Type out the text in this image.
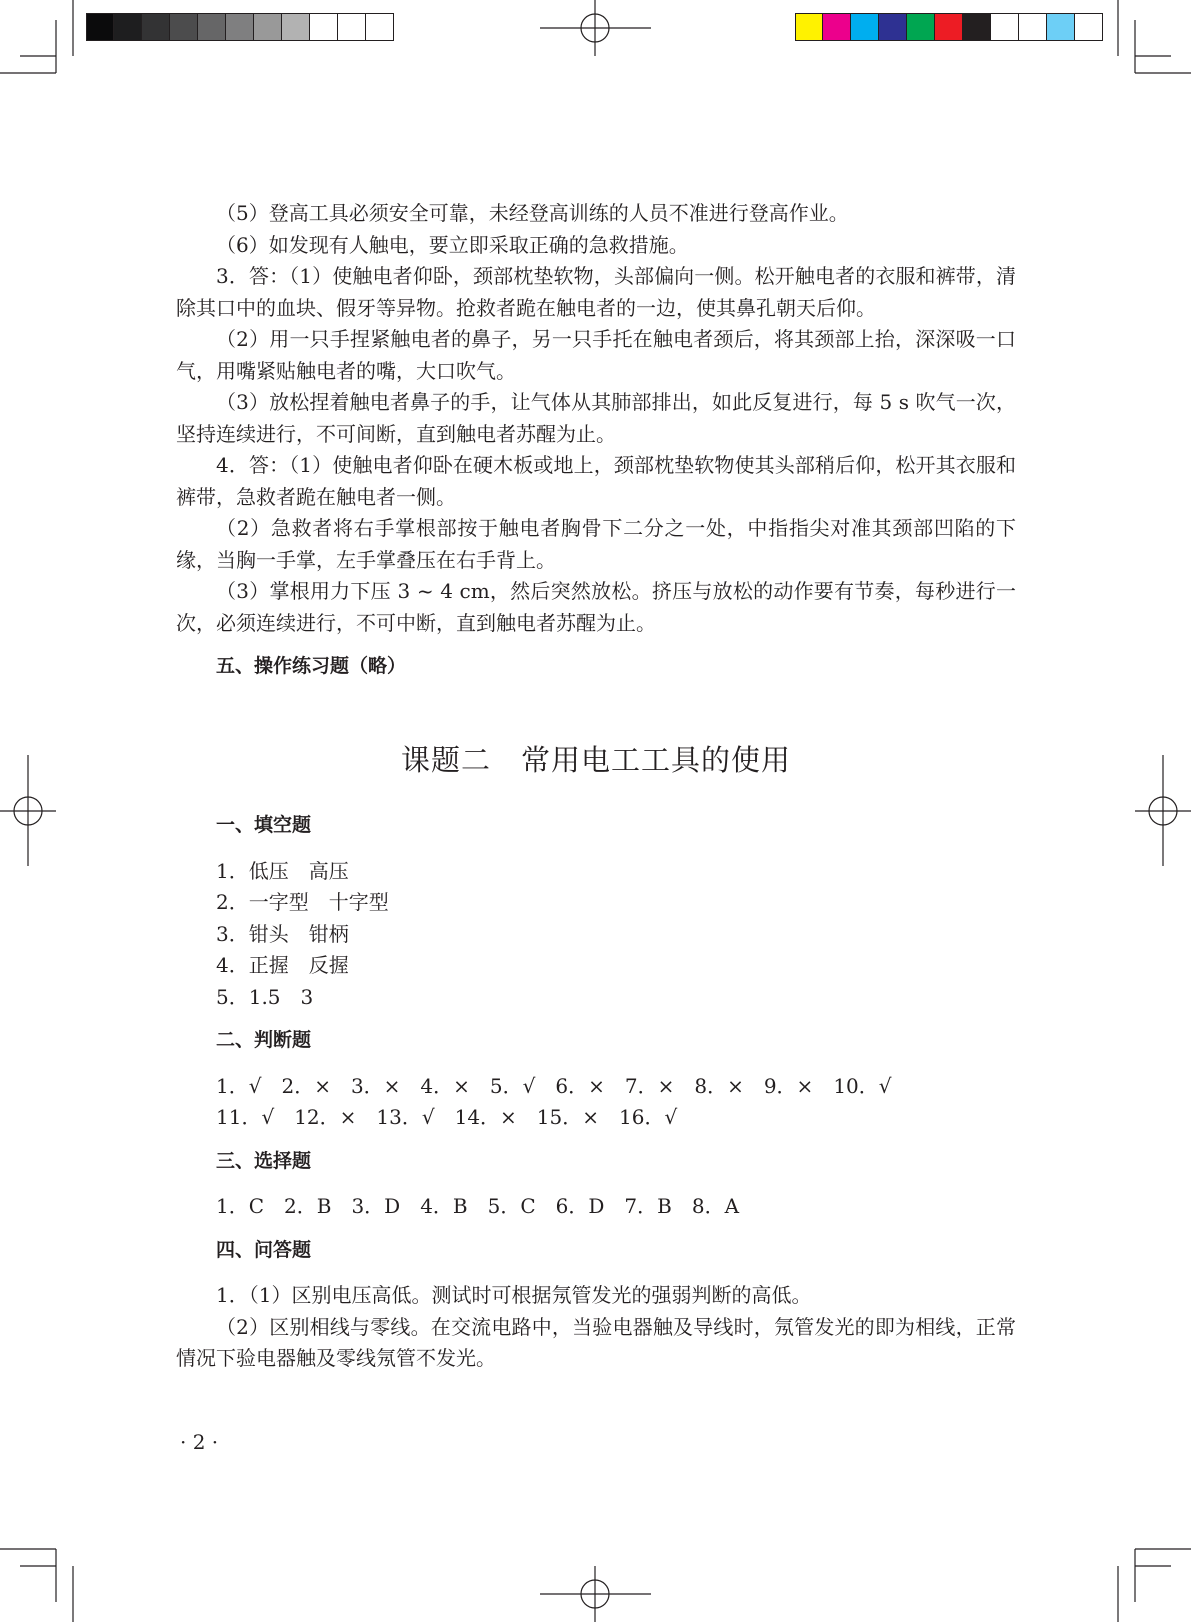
（5）登高工具必须安全可靠，未经登高训练的人员不准进行登高作业。

（6）如发现有人触电，要立即采取正确的急救措施。

3．答：（1）使触电者仰卧，颈部枕垫软物，头部偏向一侧。松开触电者的衣服和裤带，清除其口中的血块、假牙等异物。抢救者跪在触电者的一边，使其鼻孔朝天后仰。

（2）用一只手捏紧触电者的鼻子，另一只手托在触电者颈后，将其颈部上抬，深深吸一口气，用嘴紧贴触电者的嘴，大口吹气。

（3）放松捏着触电者鼻子的手，让气体从其肺部排出，如此反复进行，每 5 s 吹气一次，坚持连续进行，不可间断，直到触电者苏醒为止。

4．答：（1）使触电者仰卧在硬木板或地上，颈部枕垫软物使其头部稍后仰，松开其衣服和裤带，急救者跪在触电者一侧。

（2）急救者将右手掌根部按于触电者胸骨下二分之一处，中指指尖对准其颈部凹陷的下缘，当胸一手掌，左手掌叠压在右手背上。

（3）掌根用力下压 3 ~ 4 cm，然后突然放松。挤压与放松的动作要有节奏，每秒进行一次，必须连续进行，不可中断，直到触电者苏醒为止。

五、操作练习题（略）

课题二　常用电工工具的使用

一、填空题

1．低压　高压

2．一字型　十字型

3．钳头　钳柄

4．正握　反握

5．1.5　3

二、判断题

1．√　2．×　3．×　4．×　5．√　6．×　7．×　8．×　9．×　10．√

11．√　12．×　13．√　14．×　15．×　16．√

三、选择题

1．C　2．B　3．D　4．B　5．C　6．D　7．B　8．A

四、问答题

1．（1）区别电压高低。测试时可根据氖管发光的强弱判断的高低。

（2）区别相线与零线。在交流电路中，当验电器触及导线时，氖管发光的即为相线，正常情况下验电器触及零线氖管不发光。

· 2 ·
